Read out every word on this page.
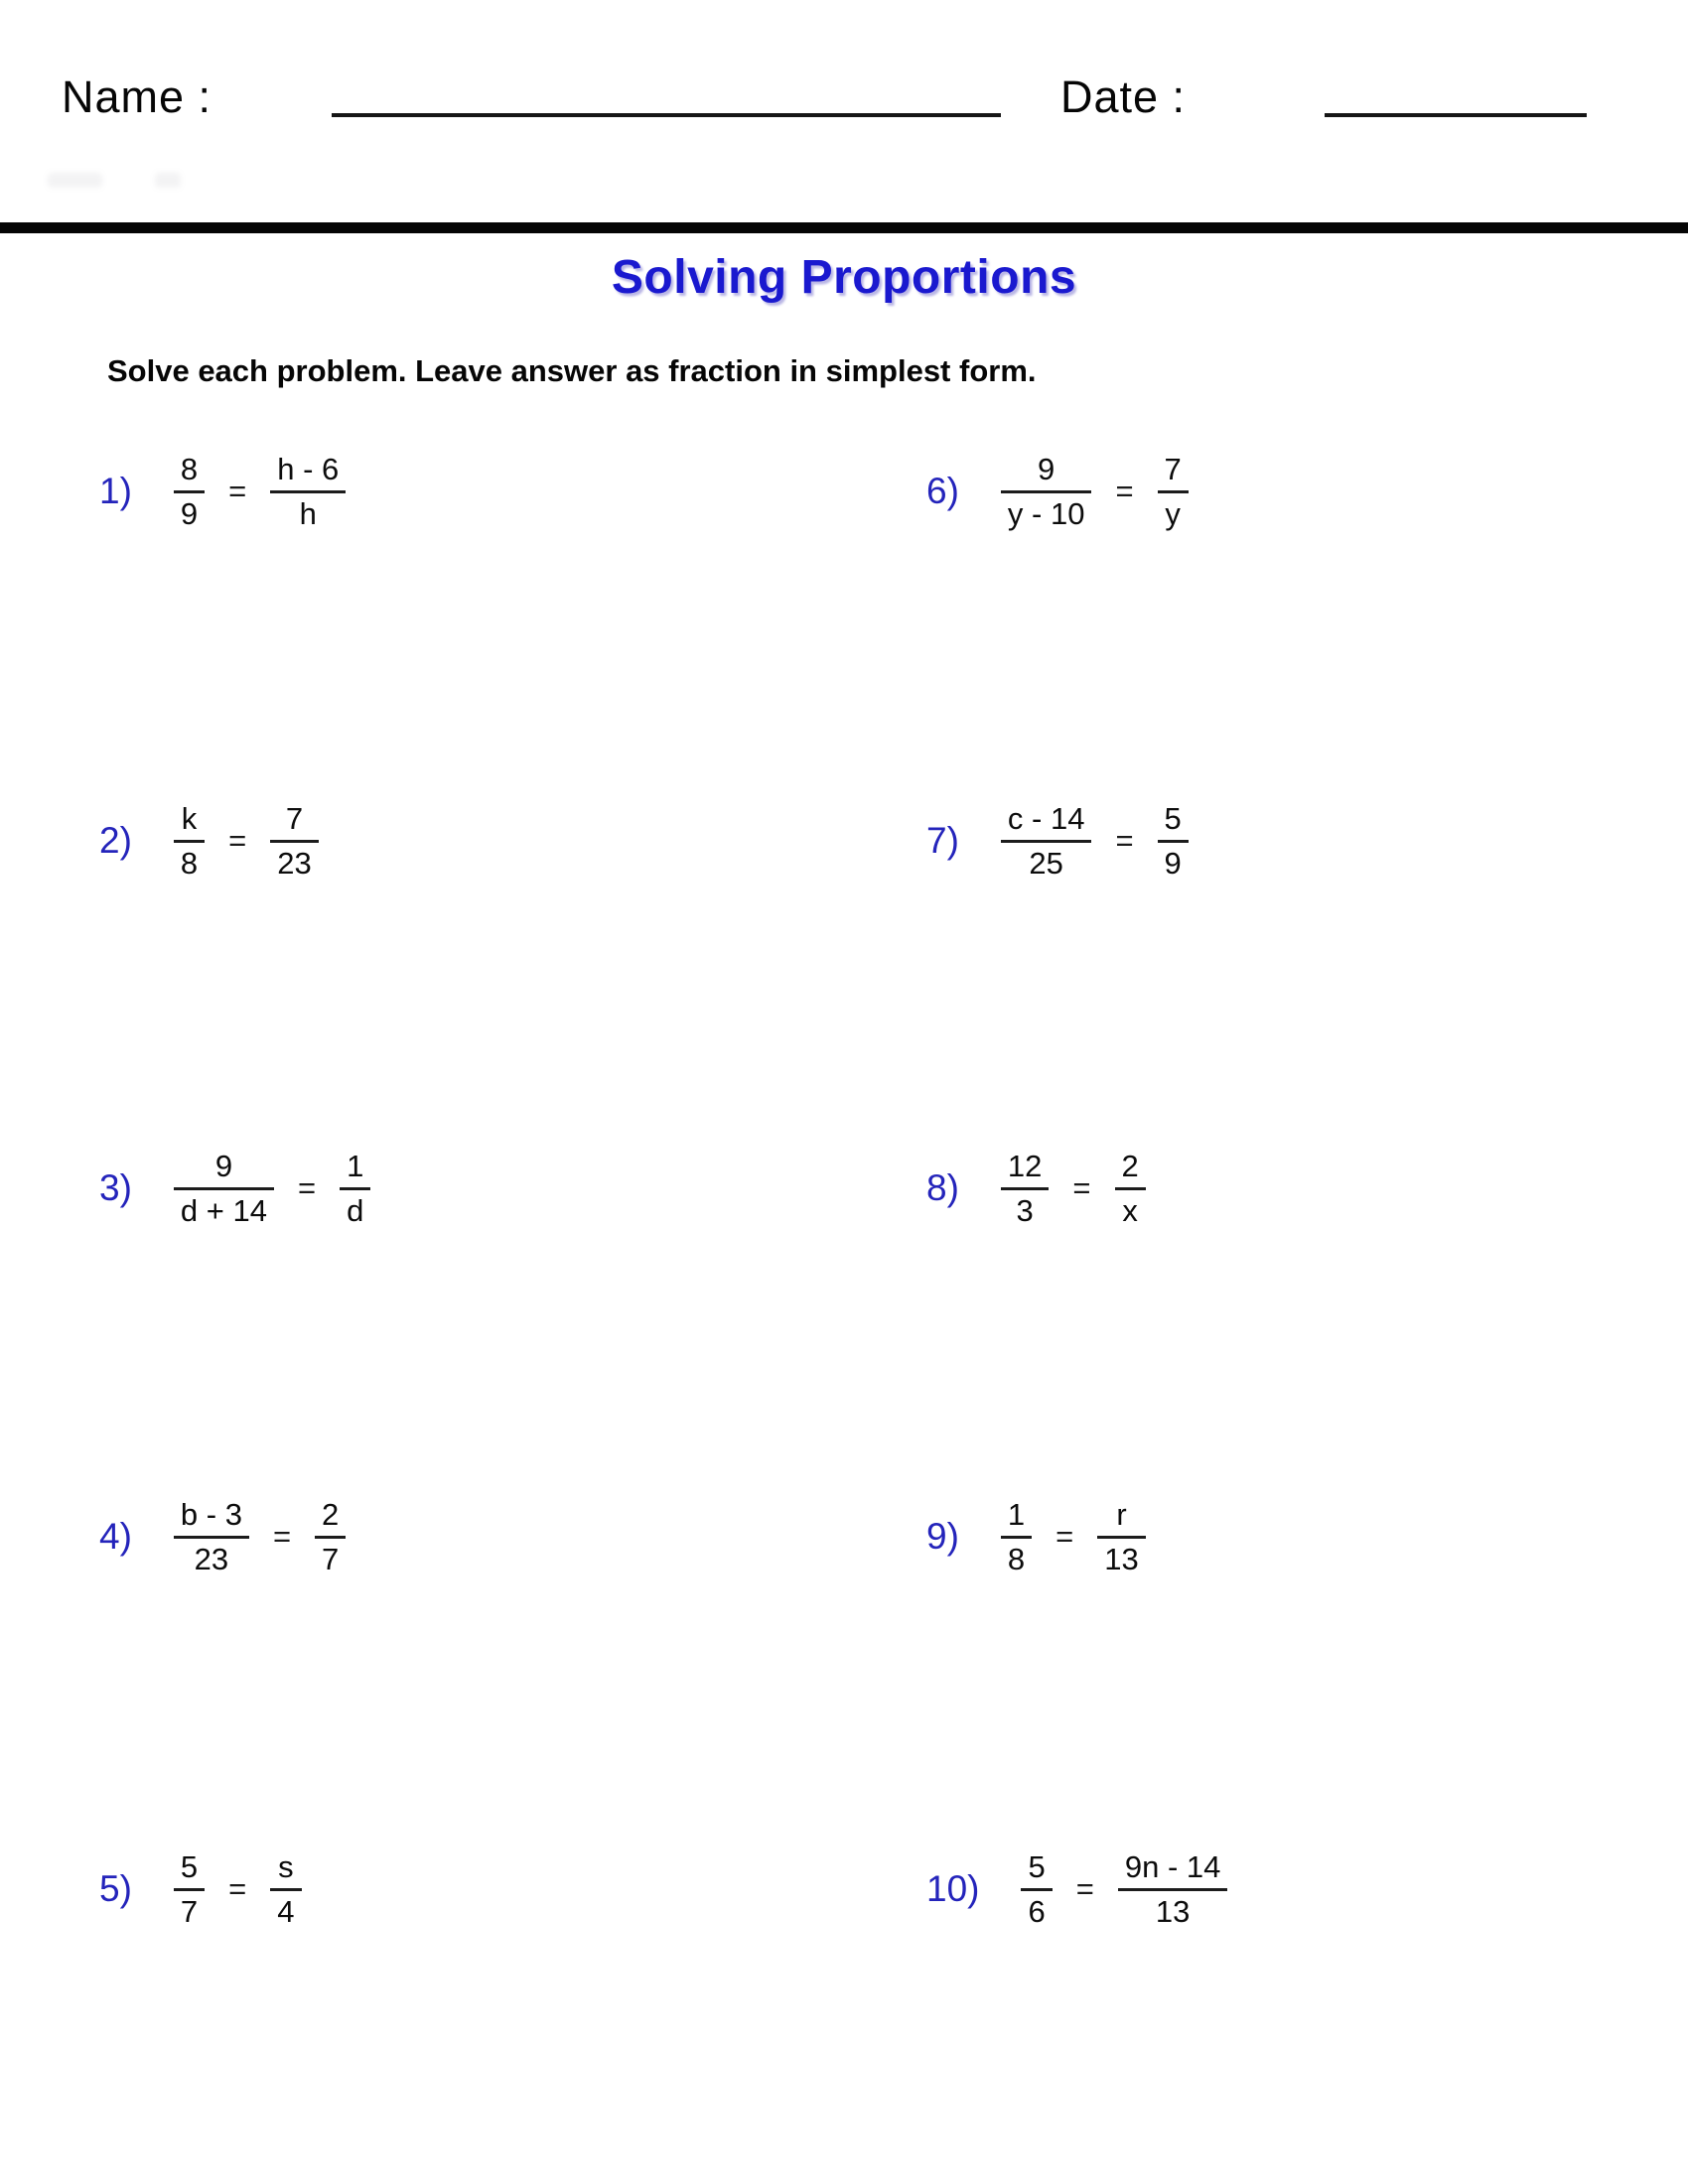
Name :	Date :
Solving Proportions
Solve each problem. Leave answer as fraction in simplest form.
$1) \frac{8}{9} = \frac{h - 6}{h}$
$2) \frac{k}{8} = \frac{7}{23}$
$3) \frac{9}{d + 14} = \frac{1}{d}$
$4) \frac{b - 3}{23} = \frac{2}{7}$
$5) \frac{5}{7} = \frac{s}{4}$
$6) \frac{9}{y - 10} = \frac{7}{y}$
$7) \frac{c - 14}{25} = \frac{5}{9}$
$8) \frac{12}{3} = \frac{2}{x}$
$9) \frac{1}{8} = \frac{r}{13}$
$10) \frac{5}{6} = \frac{9n - 14}{13}$
